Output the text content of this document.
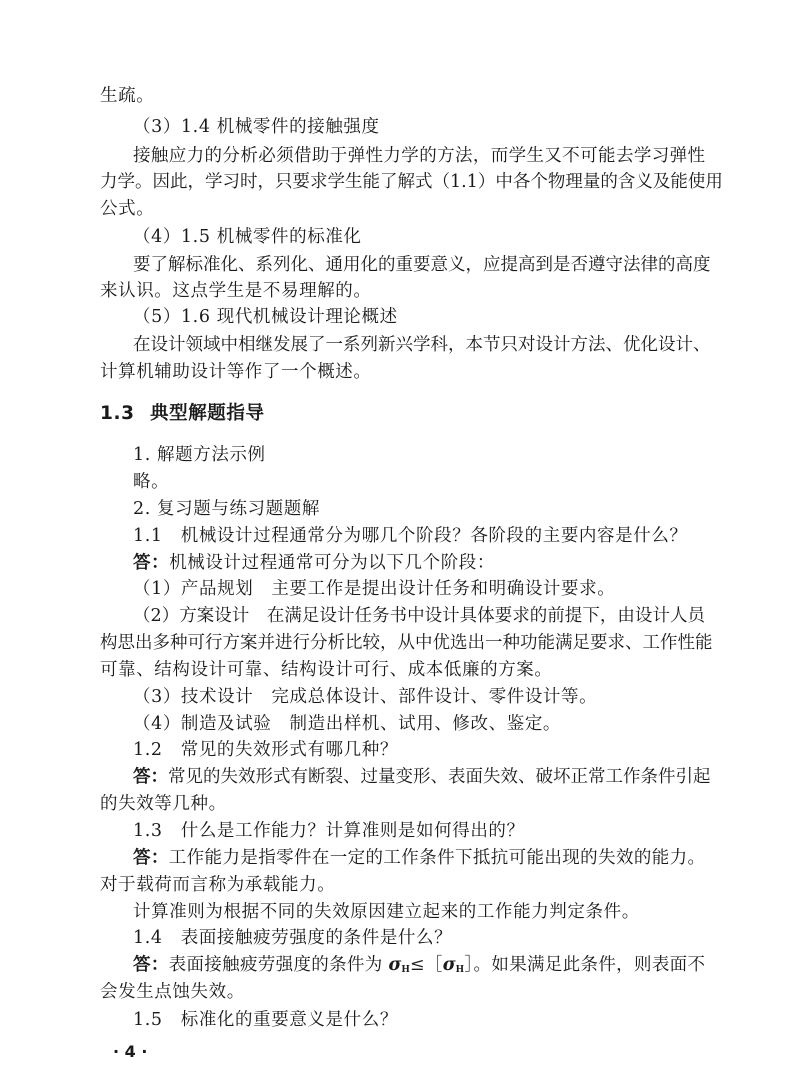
生疏。
（3）1.4 机械零件的接触强度
接触应力的分析必须借助于弹性力学的方法，而学生又不可能去学习弹性
力学。因此，学习时，只要求学生能了解式（1.1）中各个物理量的含义及能使用
公式。
（4）1.5 机械零件的标准化
要了解标准化、系列化、通用化的重要意义，应提高到是否遵守法律的高度
来认识。这点学生是不易理解的。
（5）1.6 现代机械设计理论概述
在设计领域中相继发展了一系列新兴学科，本节只对设计方法、优化设计、
计算机辅助设计等作了一个概述。
1.3 典型解题指导
1. 解题方法示例
略。
2. 复习题与练习题题解
1.1　机械设计过程通常分为哪几个阶段？各阶段的主要内容是什么？
答：机械设计过程通常可分为以下几个阶段：
（1）产品规划　主要工作是提出设计任务和明确设计要求。
（2）方案设计　在满足设计任务书中设计具体要求的前提下，由设计人员
构思出多种可行方案并进行分析比较，从中优选出一种功能满足要求、工作性能
可靠、结构设计可靠、结构设计可行、成本低廉的方案。
（3）技术设计　完成总体设计、部件设计、零件设计等。
（4）制造及试验　制造出样机、试用、修改、鉴定。
1.2　常见的失效形式有哪几种？
答：常见的失效形式有断裂、过量变形、表面失效、破坏正常工作条件引起
的失效等几种。
1.3　什么是工作能力？计算准则是如何得出的？
答：工作能力是指零件在一定的工作条件下抵抗可能出现的失效的能力。
对于载荷而言称为承载能力。
计算准则为根据不同的失效原因建立起来的工作能力判定条件。
1.4　表面接触疲劳强度的条件是什么？
答：表面接触疲劳强度的条件为 $\sigma_H\le[\sigma_H]$。如果满足此条件，则表面不
会发生点蚀失效。
1.5　标准化的重要意义是什么？
· 4 ·
